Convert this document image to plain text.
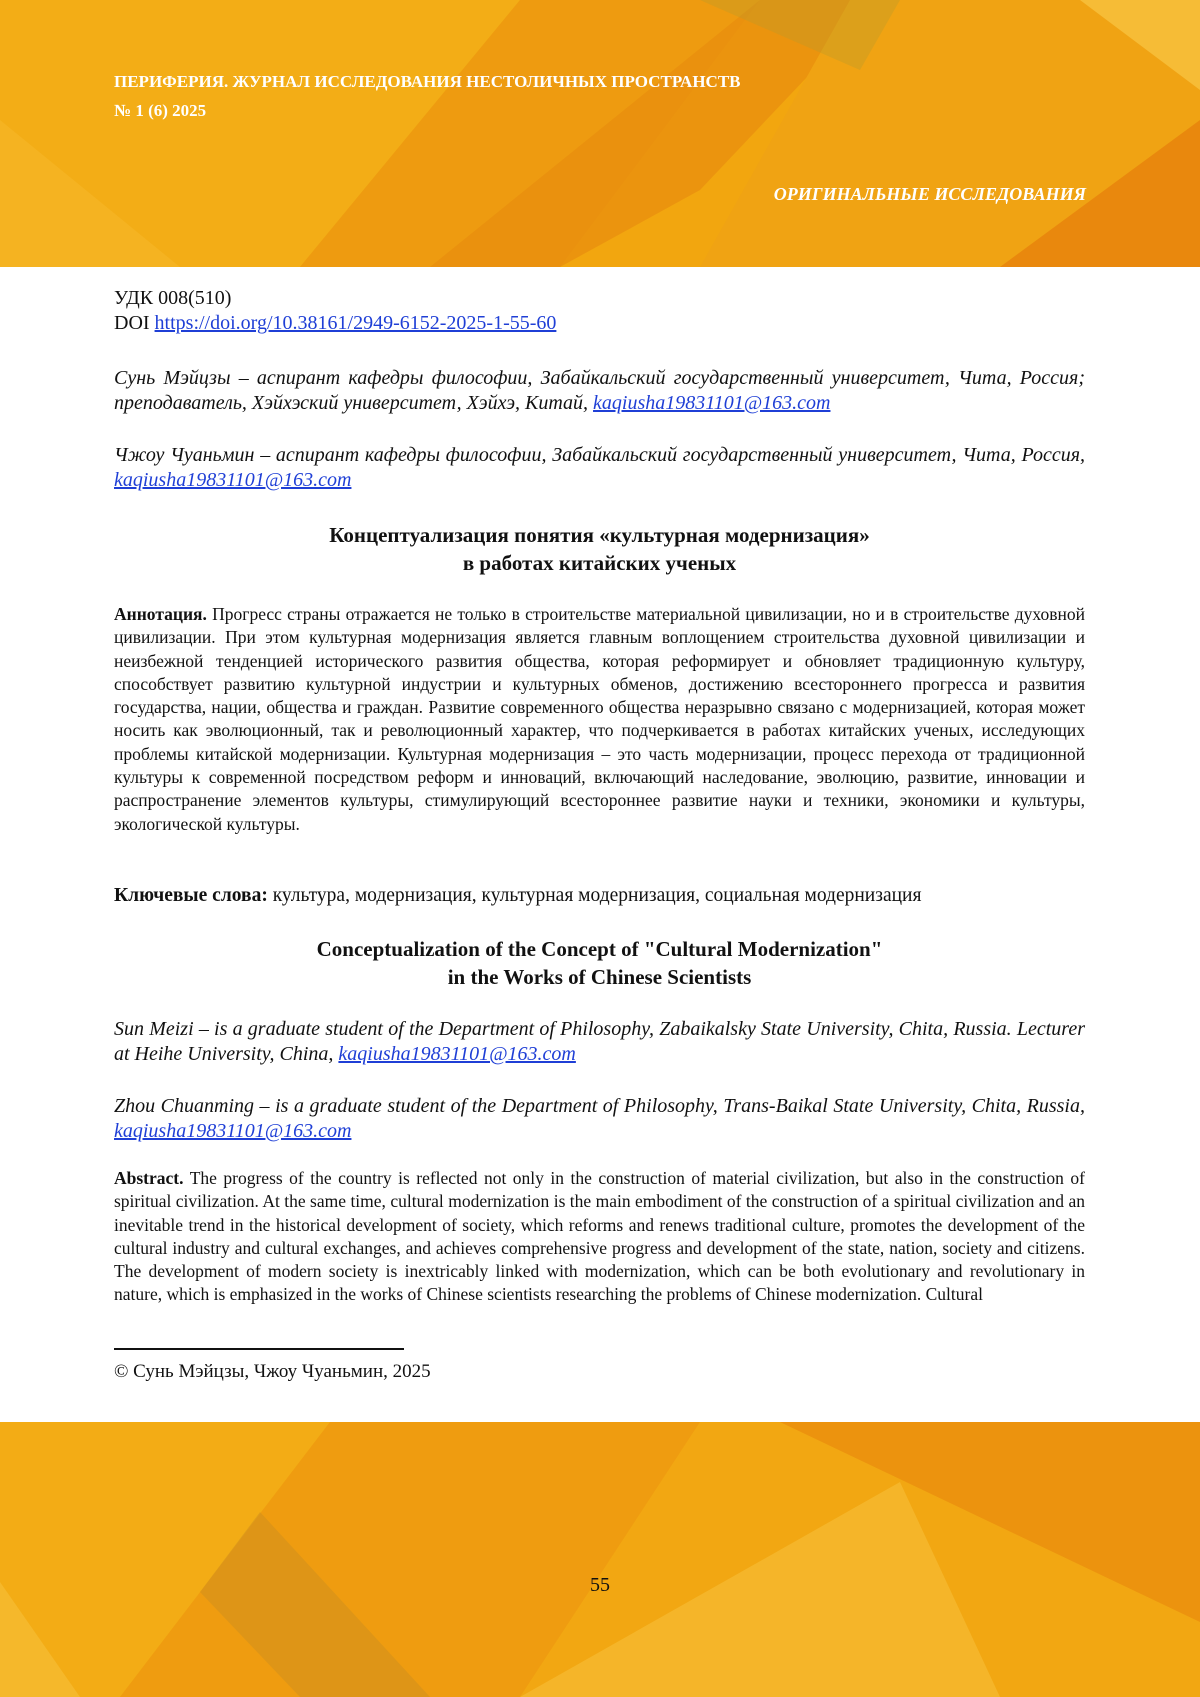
ПЕРИФЕРИЯ. ЖУРНАЛ ИССЛЕДОВАНИЯ НЕСТОЛИЧНЫХ ПРОСТРАНСТВ
№ 1 (6) 2025
ОРИГИНАЛЬНЫЕ ИССЛЕДОВАНИЯ
УДК 008(510)
DOI https://doi.org/10.38161/2949-6152-2025-1-55-60
Сунь Мэйцзы – аспирант кафедры философии, Забайкальский государственный университет, Чита, Россия; преподаватель, Хэйхэский университет, Хэйхэ, Китай, kaqiusha19831101@163.com
Чжоу Чуаньмин – аспирант кафедры философии, Забайкальский государственный университет, Чита, Россия, kaqiusha19831101@163.com
Концептуализация понятия «культурная модернизация»
в работах китайских ученых
Аннотация. Прогресс страны отражается не только в строительстве материальной цивилизации, но и в строительстве духовной цивилизации. При этом культурная модернизация является главным воплощением строительства духовной цивилизации и неизбежной тенденцией исторического развития общества, которая реформирует и обновляет традиционную культуру, способствует развитию культурной индустрии и культурных обменов, достижению всестороннего прогресса и развития государства, нации, общества и граждан. Развитие современного общества неразрывно связано с модернизацией, которая может носить как эволюционный, так и революционный характер, что подчеркивается в работах китайских ученых, исследующих проблемы китайской модернизации. Культурная модернизация – это часть модернизации, процесс перехода от традиционной культуры к современной посредством реформ и инноваций, включающий наследование, эволюцию, развитие, инновации и распространение элементов культуры, стимулирующий всестороннее развитие науки и техники, экономики и культуры, экологической культуры.
Ключевые слова: культура, модернизация, культурная модернизация, социальная модернизация
Conceptualization of the Concept of "Cultural Modernization"
in the Works of Chinese Scientists
Sun Meizi – is a graduate student of the Department of Philosophy, Zabaikalsky State University, Chita, Russia. Lecturer at Heihe University, China, kaqiusha19831101@163.com
Zhou Chuanming – is a graduate student of the Department of Philosophy, Trans-Baikal State University, Chita, Russia, kaqiusha19831101@163.com
Abstract. The progress of the country is reflected not only in the construction of material civilization, but also in the construction of spiritual civilization. At the same time, cultural modernization is the main embodiment of the construction of a spiritual civilization and an inevitable trend in the historical development of society, which reforms and renews traditional culture, promotes the development of the cultural industry and cultural exchanges, and achieves comprehensive progress and development of the state, nation, society and citizens. The development of modern society is inextricably linked with modernization, which can be both evolutionary and revolutionary in nature, which is emphasized in the works of Chinese scientists researching the problems of Chinese modernization. Cultural
© Сунь Мэйцзы, Чжоу Чуаньмин, 2025
55
